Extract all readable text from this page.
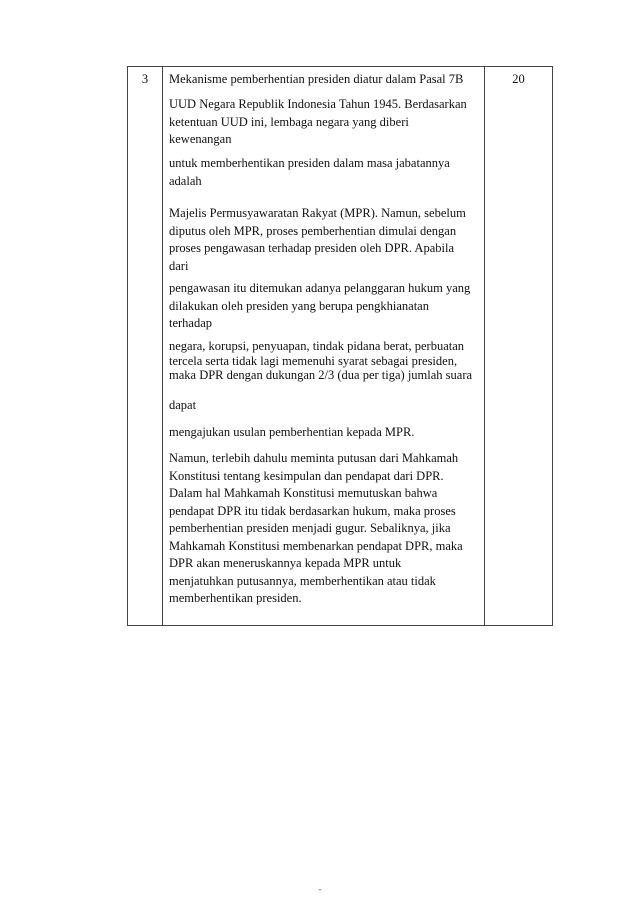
3	Mekanisme pemberhentian presiden diatur dalam Pasal 7B

UUD Negara Republik Indonesia Tahun 1945. Berdasarkan
ketentuan UUD ini, lembaga negara yang diberi
kewenangan

untuk memberhentikan presiden dalam masa jabatannya
adalah

Majelis Permusyawaratan Rakyat (MPR). Namun, sebelum
diputus oleh MPR, proses pemberhentian dimulai dengan
proses pengawasan terhadap presiden oleh DPR. Apabila
dari

pengawasan itu ditemukan adanya pelanggaran hukum yang
dilakukan oleh presiden yang berupa pengkhianatan
terhadap

negara, korupsi, penyuapan, tindak pidana berat, perbuatan
tercela serta tidak lagi memenuhi syarat sebagai presiden,
maka DPR dengan dukungan 2/3 (dua per tiga) jumlah suara

dapat

mengajukan usulan pemberhentian kepada MPR.

Namun, terlebih dahulu meminta putusan dari Mahkamah
Konstitusi tentang kesimpulan dan pendapat dari DPR.
Dalam hal Mahkamah Konstitusi memutuskan bahwa
pendapat DPR itu tidak berdasarkan hukum, maka proses
pemberhentian presiden menjadi gugur. Sebaliknya, jika
Mahkamah Konstitusi membenarkan pendapat DPR, maka
DPR akan meneruskannya kepada MPR untuk
menjatuhkan putusannya, memberhentikan atau tidak
memberhentikan presiden.

20
-
